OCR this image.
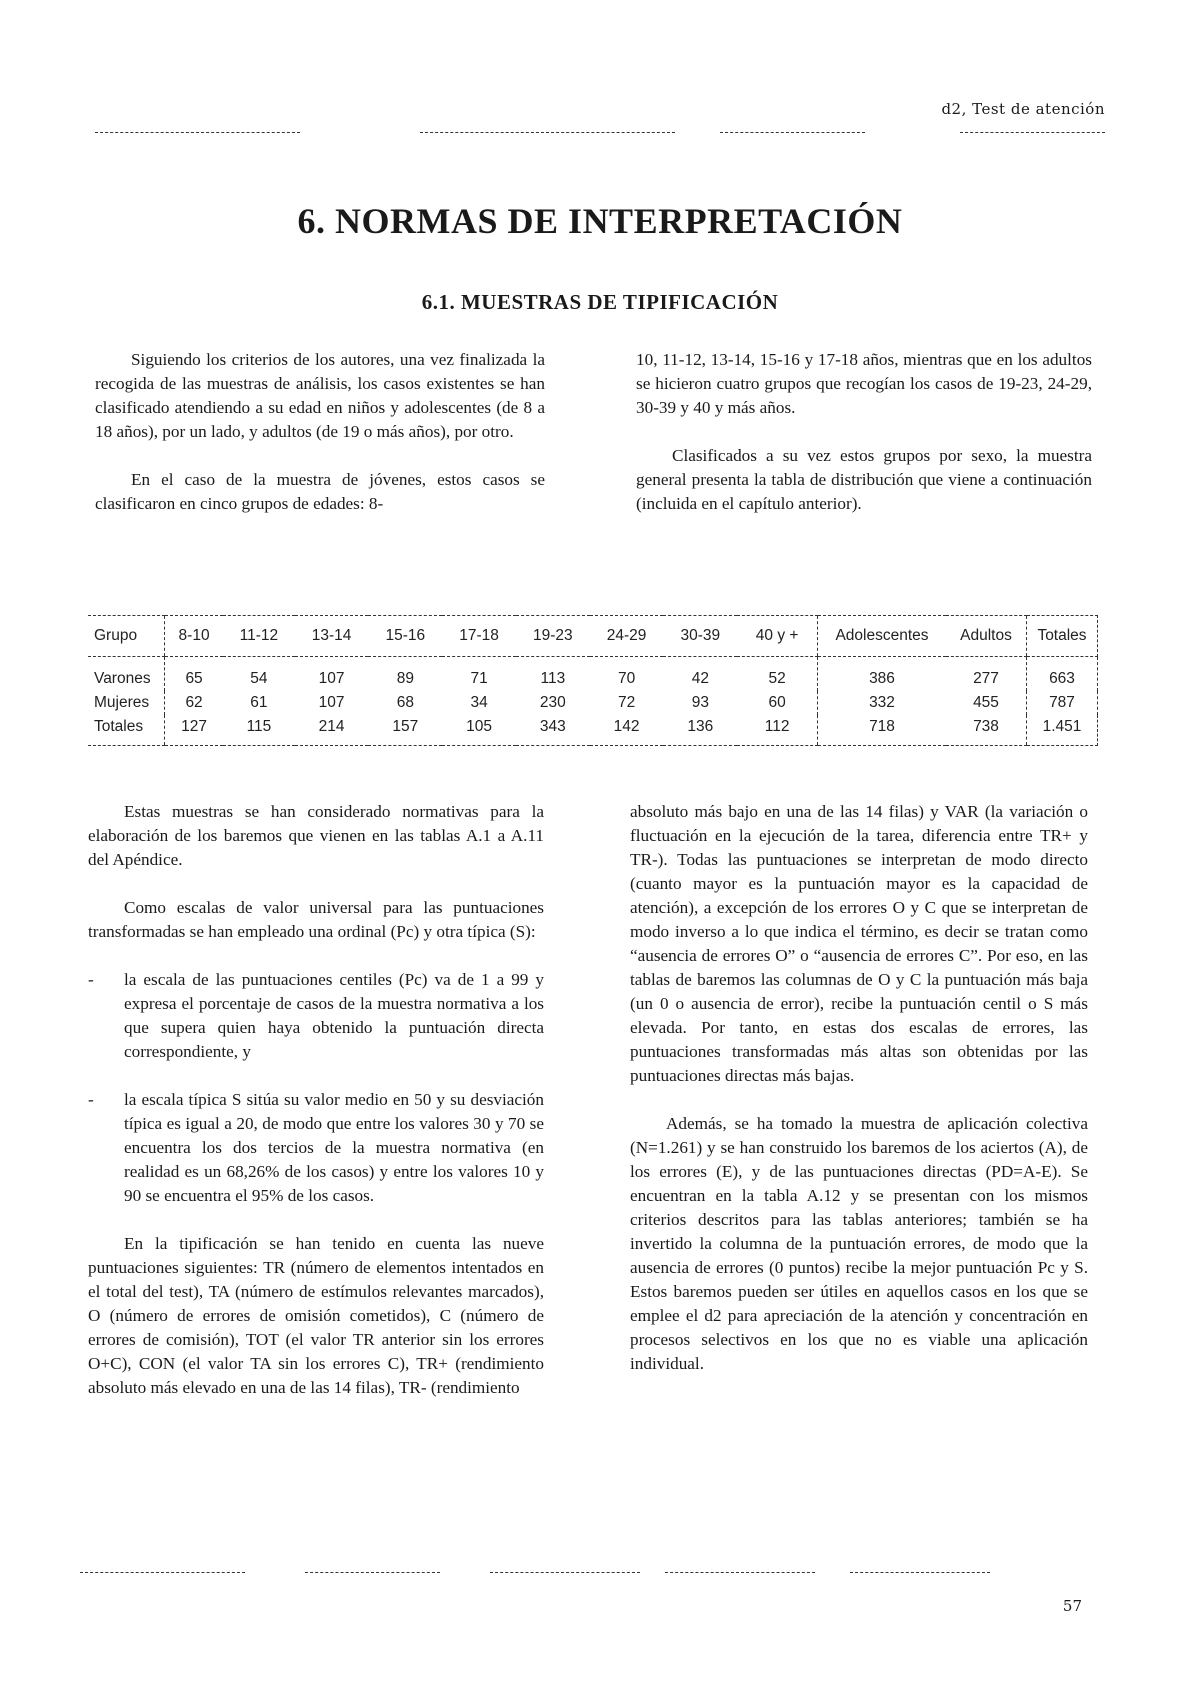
d2, Test de atención
6. NORMAS DE INTERPRETACIÓN
6.1. MUESTRAS DE TIPIFICACIÓN

Siguiendo los criterios de los autores, una vez finalizada la recogida de las muestras de análisis, los casos existentes se han clasificado atendiendo a su edad en niños y adolescentes (de 8 a 18 años), por un lado, y adultos (de 19 o más años), por otro.

En el caso de la muestra de jóvenes, estos casos se clasificaron en cinco grupos de edades: 8-

10, 11-12, 13-14, 15-16 y 17-18 años, mientras que en los adultos se hicieron cuatro grupos que recogían los casos de 19-23, 24-29, 30-39 y 40 y más años.

Clasificados a su vez estos grupos por sexo, la muestra general presenta la tabla de distribución que viene a continuación (incluida en el capítulo anterior).

Grupo	8-10	11-12	13-14	15-16	17-18	19-23	24-29	30-39	40 y +	Adolescentes	Adultos	Totales
Varones	65	54	107	89	71	113	70	42	52	386	277	663
Mujeres	62	61	107	68	34	230	72	93	60	332	455	787
Totales	127	115	214	157	105	343	142	136	112	718	738	1.451

Estas muestras se han considerado normativas para la elaboración de los baremos que vienen en las tablas A.1 a A.11 del Apéndice.

Como escalas de valor universal para las puntuaciones transformadas se han empleado una ordinal (Pc) y otra típica (S):

- la escala de las puntuaciones centiles (Pc) va de 1 a 99 y expresa el porcentaje de casos de la muestra normativa a los que supera quien haya obtenido la puntuación directa correspondiente, y
- la escala típica S sitúa su valor medio en 50 y su desviación típica es igual a 20, de modo que entre los valores 30 y 70 se encuentra los dos tercios de la muestra normativa (en realidad es un 68,26% de los casos) y entre los valores 10 y 90 se encuentra el 95% de los casos.

En la tipificación se han tenido en cuenta las nueve puntuaciones siguientes: TR (número de elementos intentados en el total del test), TA (número de estímulos relevantes marcados), O (número de errores de omisión cometidos), C (número de errores de comisión), TOT (el valor TR anterior sin los errores O+C), CON (el valor TA sin los errores C), TR+ (rendimiento absoluto más elevado en una de las 14 filas), TR- (rendimiento

absoluto más bajo en una de las 14 filas) y VAR (la variación o fluctuación en la ejecución de la tarea, diferencia entre TR+ y TR-). Todas las puntuaciones se interpretan de modo directo (cuanto mayor es la puntuación mayor es la capacidad de atención), a excepción de los errores O y C que se interpretan de modo inverso a lo que indica el término, es decir se tratan como “ausencia de errores O” o “ausencia de errores C”. Por eso, en las tablas de baremos las columnas de O y C la puntuación más baja (un 0 o ausencia de error), recibe la puntuación centil o S más elevada. Por tanto, en estas dos escalas de errores, las puntuaciones transformadas más altas son obtenidas por las puntuaciones directas más bajas.

Además, se ha tomado la muestra de aplicación colectiva (N=1.261) y se han construido los baremos de los aciertos (A), de los errores (E), y de las puntuaciones directas (PD=A-E). Se encuentran en la tabla A.12 y se presentan con los mismos criterios descritos para las tablas anteriores; también se ha invertido la columna de la puntuación errores, de modo que la ausencia de errores (0 puntos) recibe la mejor puntuación Pc y S. Estos baremos pueden ser útiles en aquellos casos en los que se emplee el d2 para apreciación de la atención y concentración en procesos selectivos en los que no es viable una aplicación individual.

57
